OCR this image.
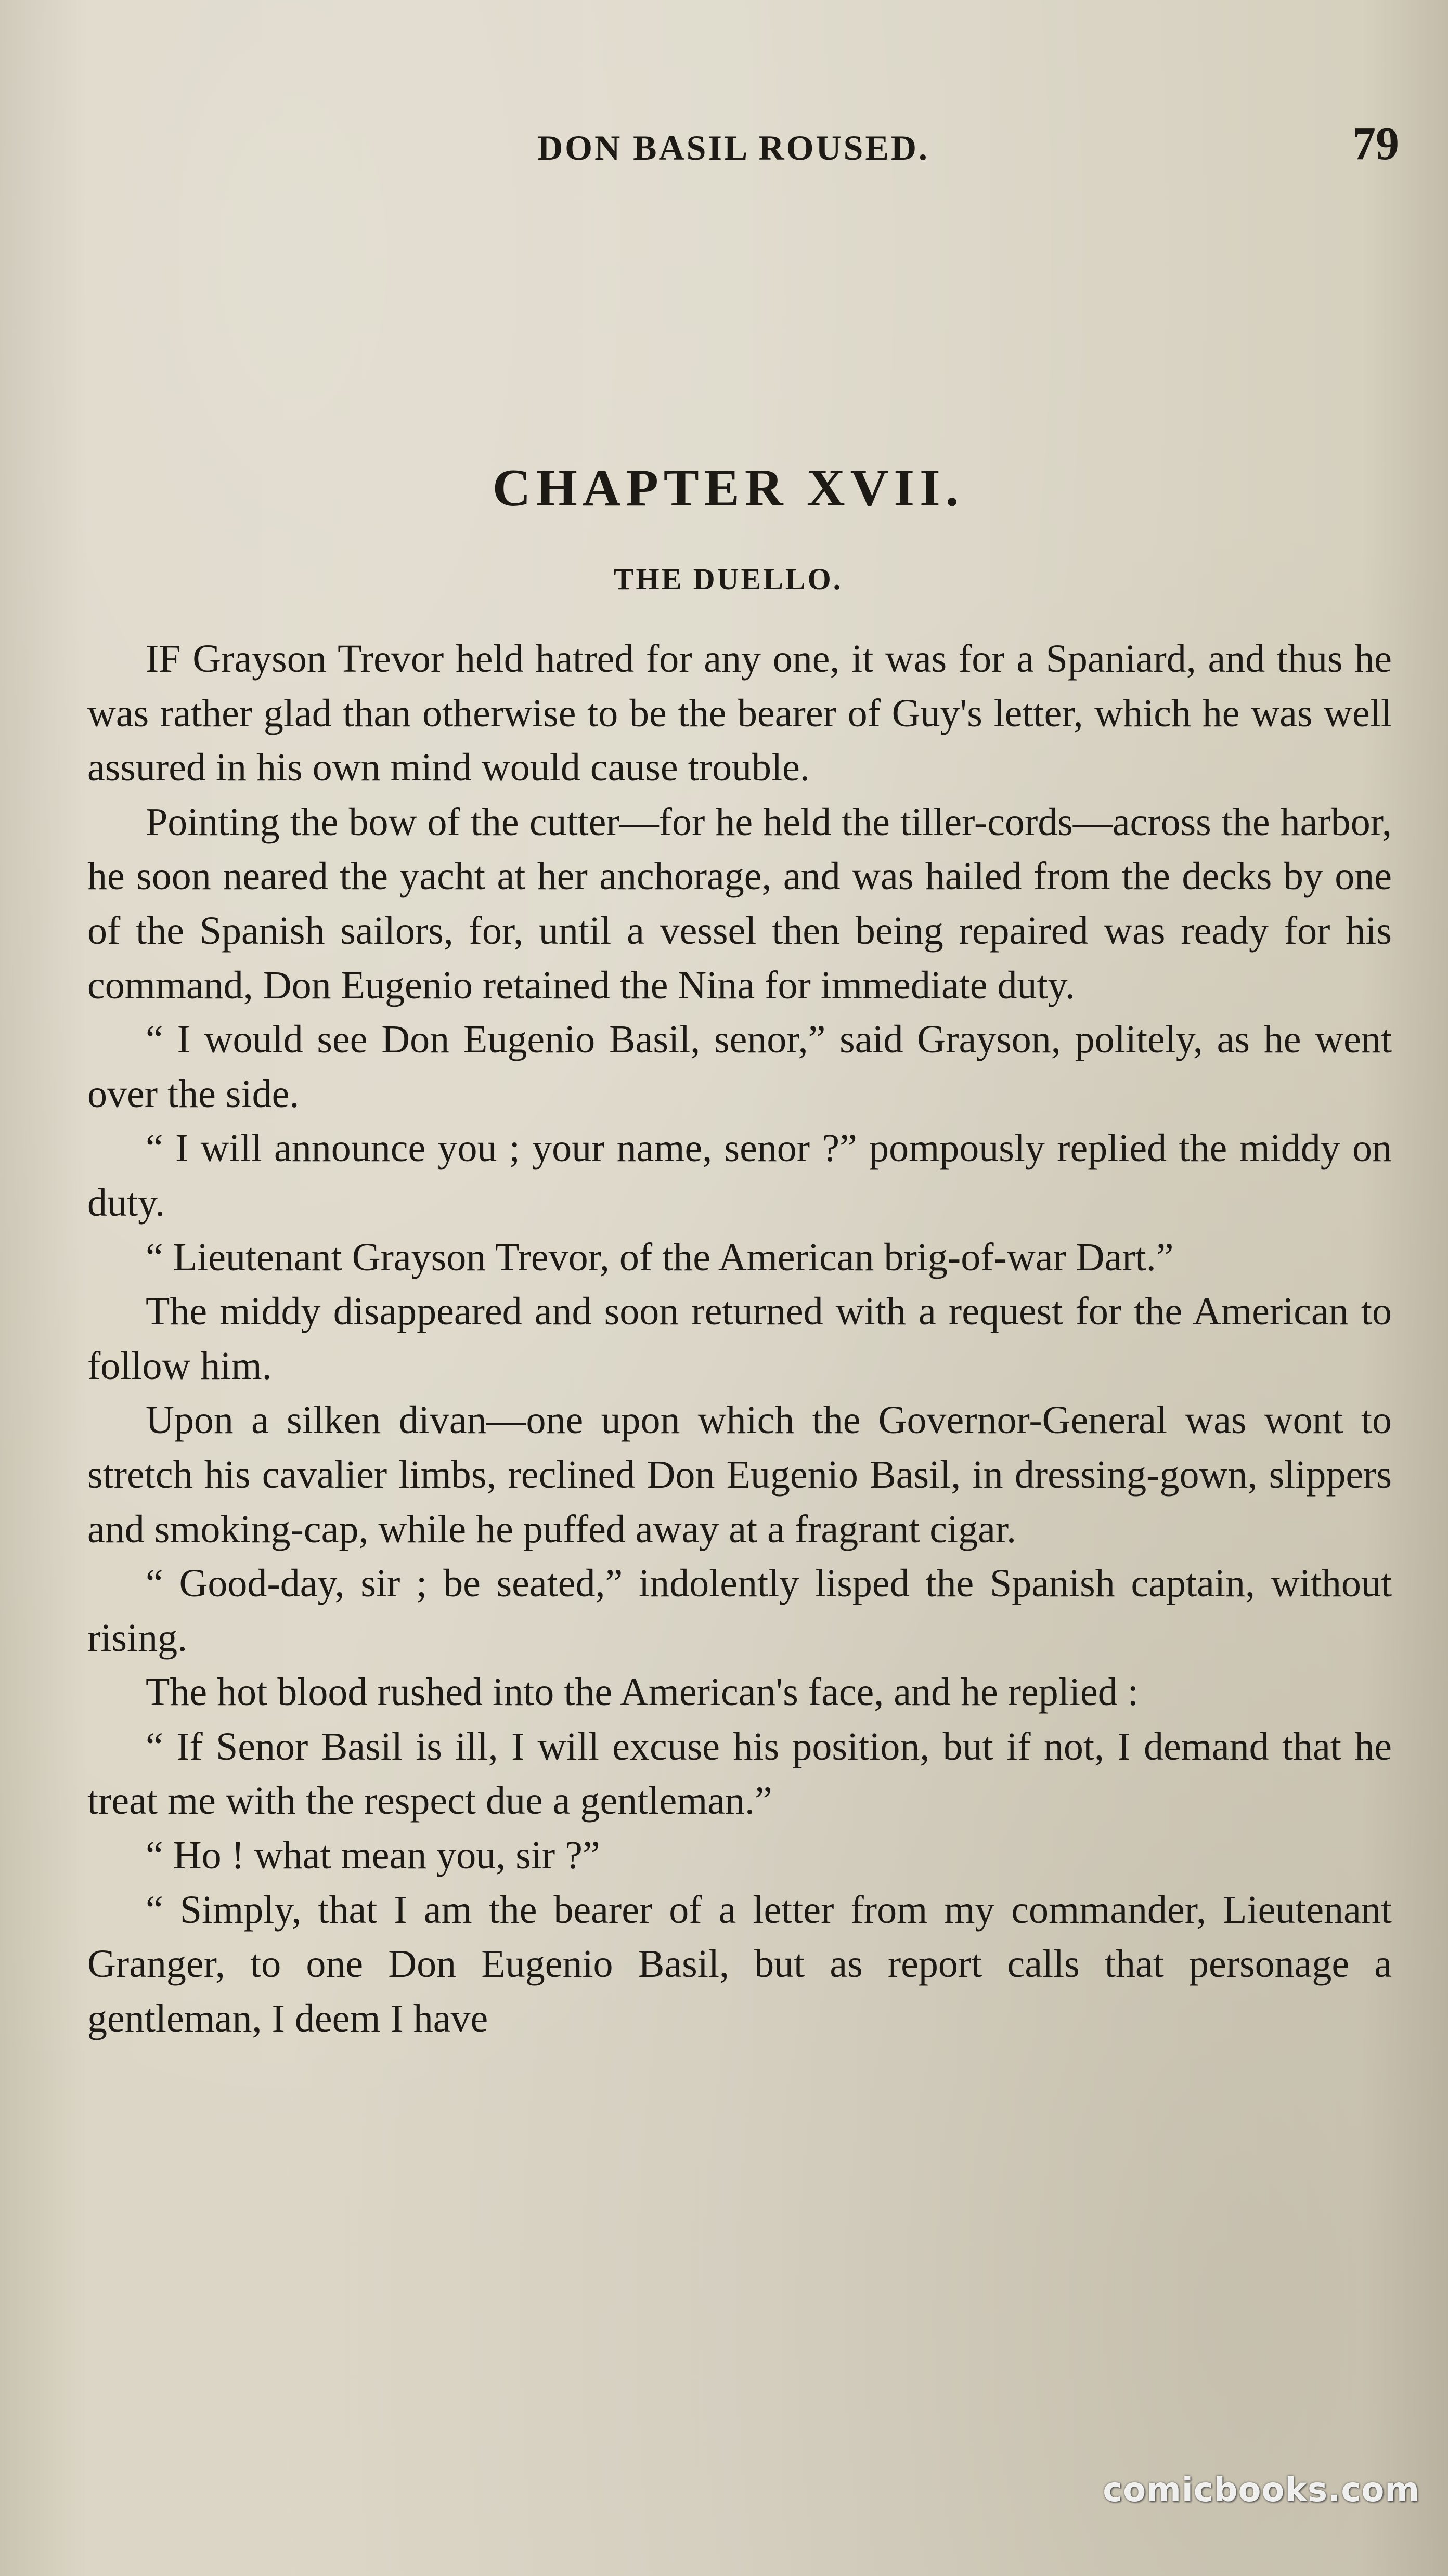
DON BASIL ROUSED.	79
CHAPTER XVII.
THE DUELLO.

IF Grayson Trevor held hatred for any one, it was for a Spaniard, and thus he was rather glad than otherwise to be the bearer of Guy's letter, which he was well assured in his own mind would cause trouble.

Pointing the bow of the cutter—for he held the tiller-cords—across the harbor, he soon neared the yacht at her anchorage, and was hailed from the decks by one of the Spanish sailors, for, until a vessel then being repaired was ready for his command, Don Eugenio retained the Nina for immediate duty.

“ I would see Don Eugenio Basil, senor,” said Grayson, politely, as he went over the side.

“ I will announce you ; your name, senor ?” pompously replied the middy on duty.

“ Lieutenant Grayson Trevor, of the American brig-of-war Dart.”

The middy disappeared and soon returned with a request for the American to follow him.

Upon a silken divan—one upon which the Governor-General was wont to stretch his cavalier limbs, reclined Don Eugenio Basil, in dressing-gown, slippers and smoking-cap, while he puffed away at a fragrant cigar.

“ Good-day, sir ; be seated,” indolently lisped the Spanish captain, without rising.

The hot blood rushed into the American's face, and he replied :

“ If Senor Basil is ill, I will excuse his position, but if not, I demand that he treat me with the respect due a gentleman.”

“ Ho ! what mean you, sir ?”

“ Simply, that I am the bearer of a letter from my commander, Lieutenant Granger, to one Don Eugenio Basil, but as report calls that personage a gentleman, I deem I have

comicbooks.com
